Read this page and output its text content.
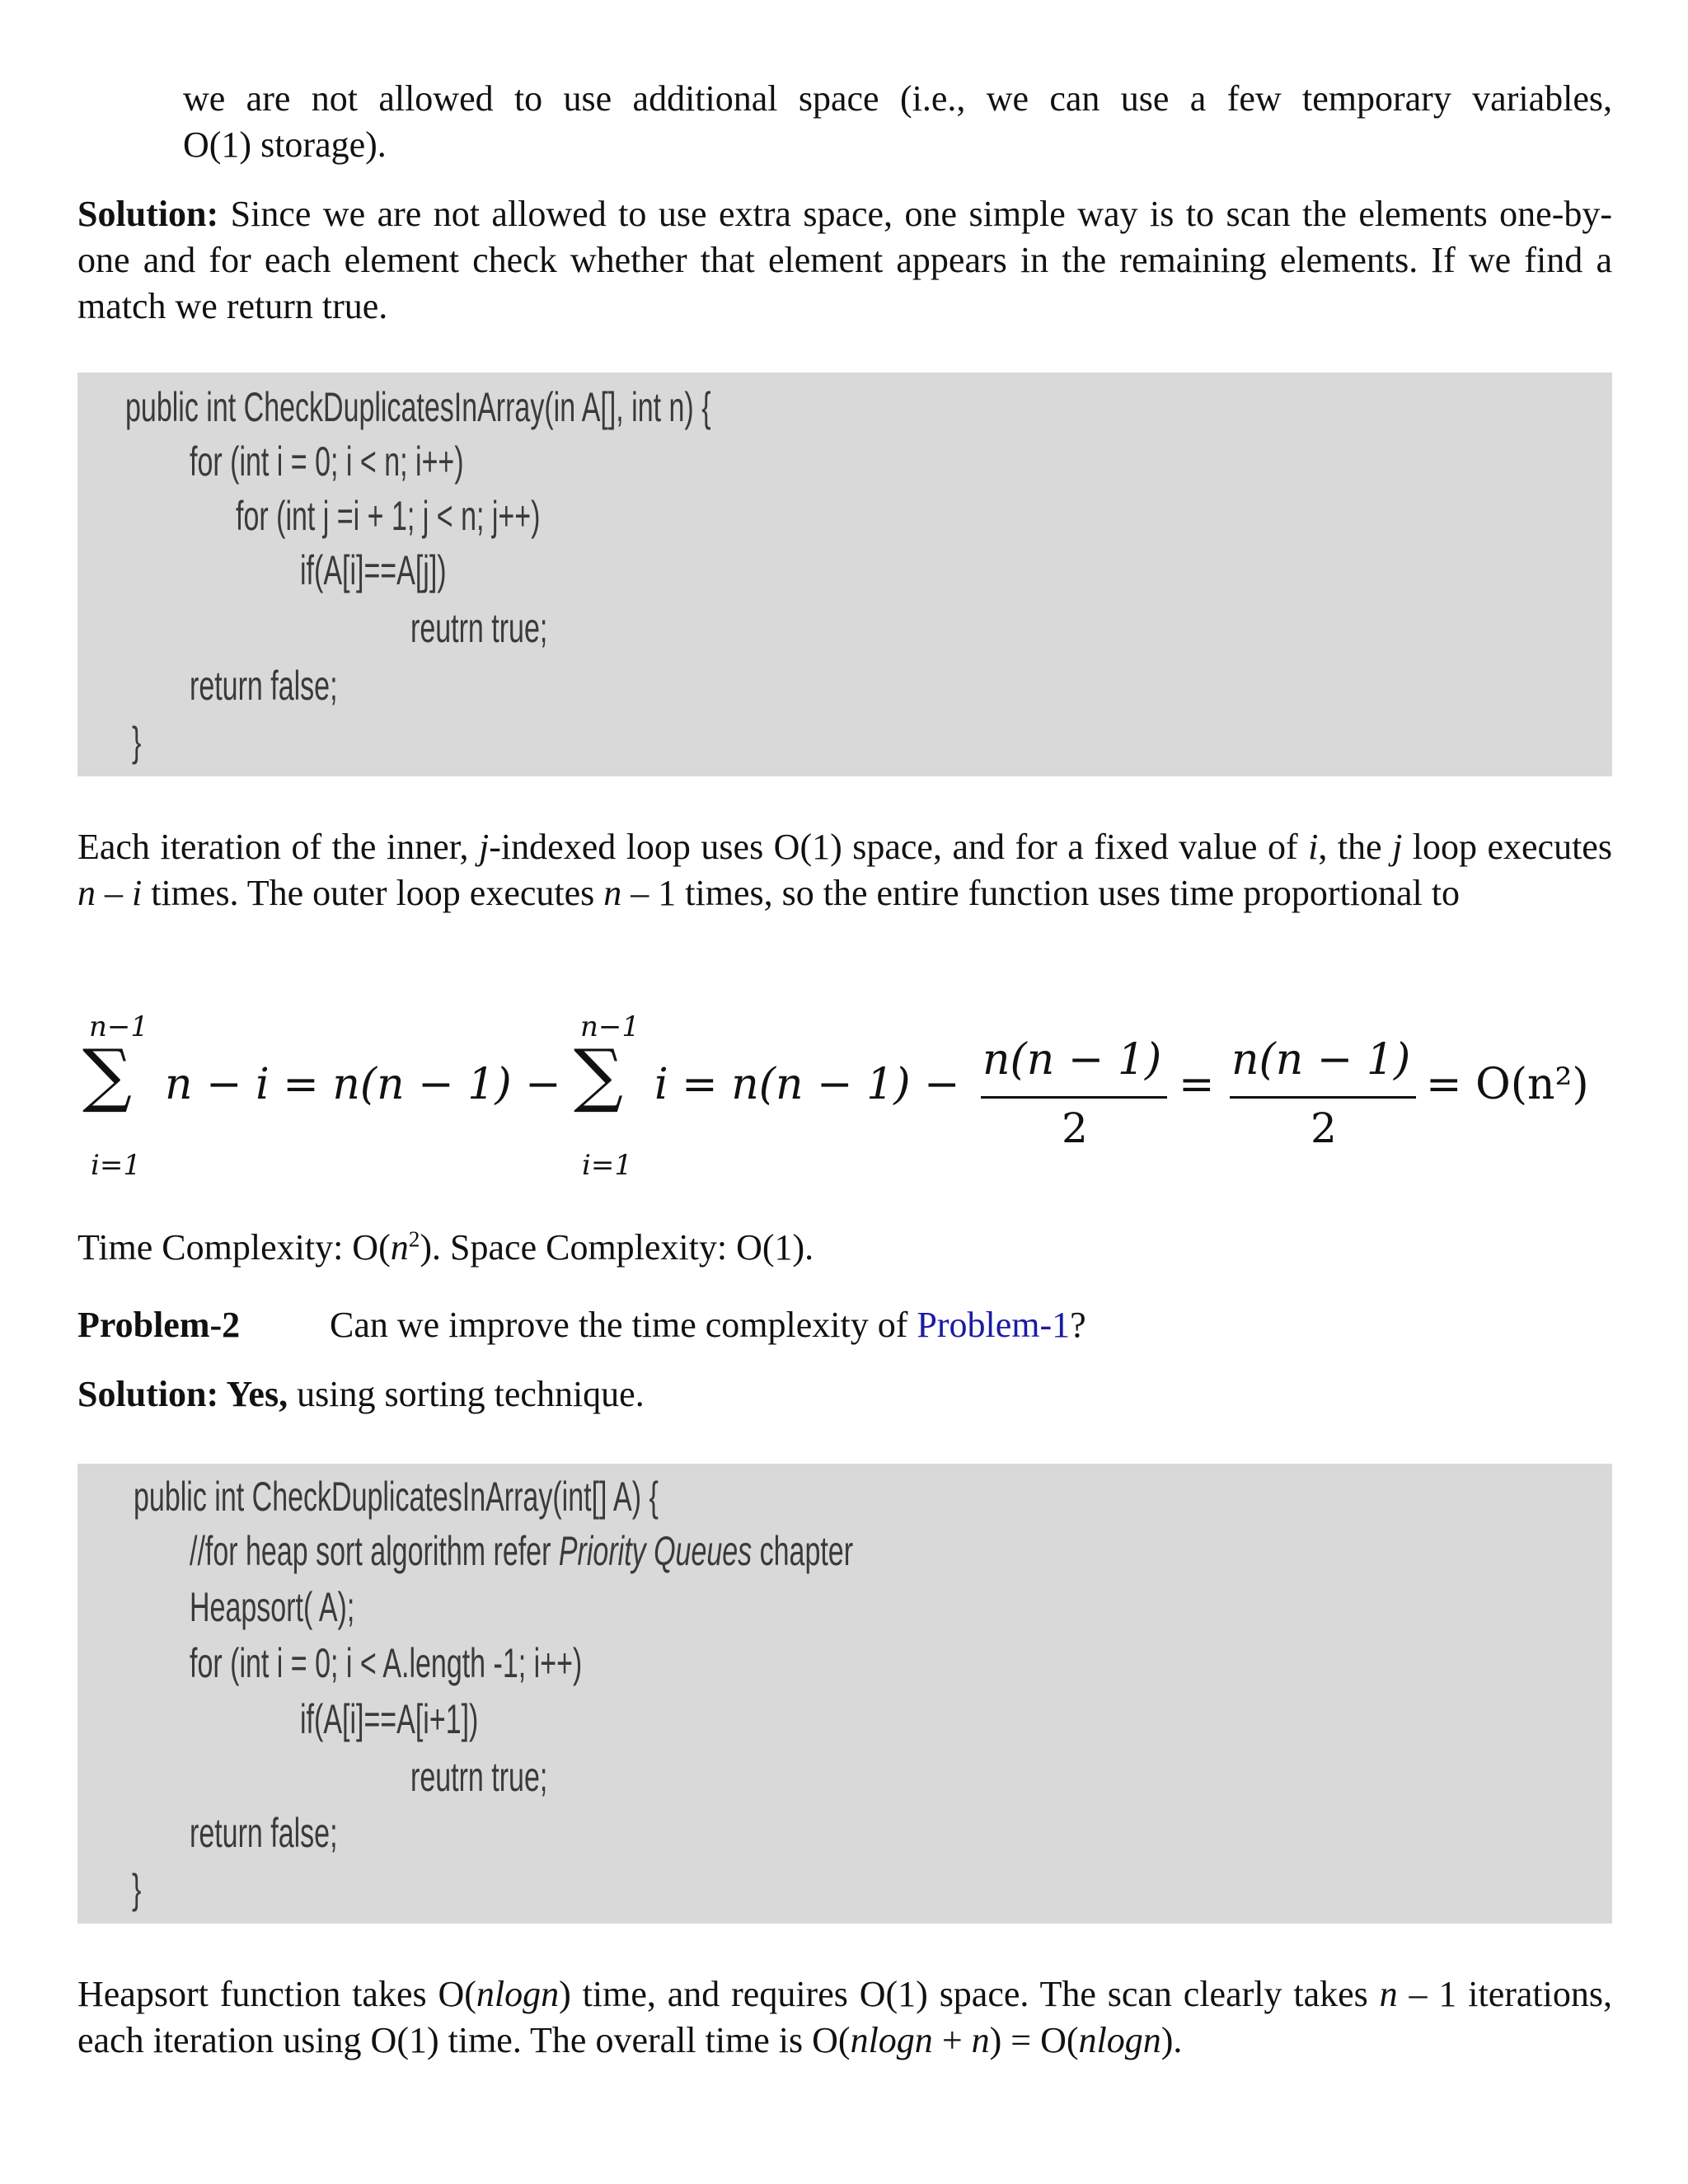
we are not allowed to use additional space (i.e., we can use a few temporary variables,
O(1) storage).

Solution: Since we are not allowed to use extra space, one simple way is to scan the elements one-by-one and for each element check whether that element appears in the remaining elements. If we find a match we return true.

public int CheckDuplicatesInArray(in A[], int n) {
for (int i = 0; i < n; i++)
for (int j =i + 1; j < n; j++)
if(A[i]==A[j])
reutrn true;
return false;
}

Each iteration of the inner, j-indexed loop uses O(1) space, and for a fixed value of i, the j loop executes n – i times. The outer loop executes n – 1 times, so the entire function uses time proportional to

n−1
∑
i=1
n − i = n(n − 1) −
n−1
∑
i=1
i = n(n − 1) − n(n − 1)
2
= n(n − 1)
2
= O(n²)

Time Complexity: $O(n^2)$. Space Complexity: O(1).

Problem-2 Can we improve the time complexity of Problem-1?

Solution: Yes, using sorting technique.

public int CheckDuplicatesInArray(int[] A) {
//for heap sort algorithm refer Priority Queues chapter
Heapsort( A);
for (int i = 0; i < A.length -1; i++)
if(A[i]==A[i+1])
reutrn true;
return false;
}

Heapsort function takes O(nlogn) time, and requires O(1) space. The scan clearly takes n – 1 iterations, each iteration using O(1) time. The overall time is O(nlogn + n) = O(nlogn).
